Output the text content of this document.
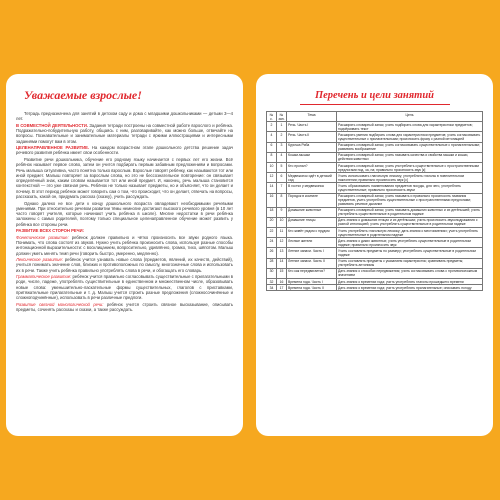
Уважаемые взрослые!

Тетрадь предназначена для занятий в детском саду и дома с младшими дошкольниками — детьми 3—4 лет.

В СОВМЕСТНОЙ ДЕЯТЕЛЬНОСТИ. Задания тетради построены на совместной работе взрослого и ребёнка. Подражательно-побудительную работу, общаясь с ним, разговаривайте, как можно больше, отвечайте на вопросы. Познавательные и занимательные материалы тетради с яркими иллюстрациями и интересными заданиями помогут вам в этом.

ЦЕЛЕНАПРАВЛЕННОЕ РАЗВИТИЕ. На каждом возрастном этапе дошкольного детства решение задач речевого развития ребёнка имеет свои особенности.

Развитие речи дошкольника, обучение его родному языку начинается с первых лет его жизни. Всё ребёнок называет первое слово, затем он учится подбирать первым забавным предложениям и вопросами. Речь малыша ситуативна, часто понятна только взрослым. Взрослые говорят ребёнку, как называются тот или иной предмет. Малыш повторяет за взрослым слова, но это не бессознательное повторение: он связывает определённый знак, каким словом называется тот или иной предмет. И, наконец, речь малыша становится контекстной — это уже связная речь. Ребёнок не только называет предметы, но и объясняет, что он делает и почему. В этот период ребёнок может говорить сам о том, что происходит, что он делает, отвечать на вопросы, рассказать, какой он, придумать рассказ (сказку), учить рассуждать.

Однако далеко не все дети к концу дошкольного возраста овладевают необходимыми речевыми умениями. При относительно речевом развитии тёмы немногие достигают высокого речевого уровня (в 10 лет часто говорят учителя, которые начинают учить ребёнка в школе). Многие недостатки в речи ребёнка заложены с самых родителей, поэтому только специальное целенаправленное обучение может развить у ребёнка все стороны речи.

РАЗВИТИЕ ВСЕХ СТОРОН РЕЧИ:

Фонетическое развитие: ребёнок должен правильно и чётко произносить все звуки родного языка. Понимать, что слова состоят из звуков. Нужно учить ребёнка произносить слова, используя разные способы интонационной выразительности: с восклицанием, вопросительно, удивлённо, громко, тихо, шёпотом. Малыш должен уметь менять темп речи (говорить быстро, умеренно, медленно).

Лексическое развитие: ребёнок учится узнавать новые слова (предметов, явлений, их качеств, действий), учиться понимать значение слов, близких и противоположных по смыслу, многозначные слова и использовать их в речи. Также учить ребёнка правильно употреблять слова в речи, и обогащать его словарь.

Грамматическое развитие: ребёнок учится правильно согласовывать существительные с прилагательными в роде, числе, падеже, употреблять существительные в единственном и множественном числе, образовывать новые слова: уменьшительно-ласкательные формы существительных, глаголов с приставками, притяжательные прилагательные и т. д. Малыш учится строить разные предложения (сложносочинённые и сложноподчинённые), использовать в речи различные предлоги.

Развитие связной монологической речи: ребёнок учится строить связное высказывание, описывать предметы, сочинять рассказы и сказки, а также рассуждать.

Перечень и цели занятий
№ с.	№ зан.	Тема	Цель
2	1	Речь. Часть I	Расширять словарный запас; учить подбирать слова для характеристики предметов; подчёркивать текст
4	2	Речь. Часть II	Расширять умения подбирать слова для характеристики предметов; учить согласовывать существительные с прилагательными; произносить фразу с разной интонацией
6	3	Курочка Ряба	Расширять словарный запас; учить согласовывать существительные с прилагательными; развивать воображение
8	4	Кошки-мышки	Расширять словарный запас; учить называть качества и свойства мышки и кошки, действия животных
10	5	Кто пропал?	Расширять словарный запас; учить употреблять существительные с пространственными предлогами под, за, на; правильно произносить звук [к]
12	6	Медвежонок идёт в детский сад	Учить использовать глагольную лексику; употреблять глаголы в повелительном наклонении; правильно произносить звук [с]
14	7	В гостях у медвежонка	Учить образовывать наименования предметов посуды, для чего, употреблять существительные; правильно произносить звуки
16	8	Порядок в комнате	Расширять словарный запас; учить называть и правильно произносить названия предметов, учить употреблять существительные с пространственными предлогами; развивать речевое дыхание
18	9	Домашние животные	Расширять словарный запас; учить называть домашних животных и их детёнышей; учить употреблять существительные в родительном падеже
20	10	Домашние птицы	Дать знания о домашних птицах и их детёнышах; учить произносить звукоподражания с разной интонацией; учить употреблять существительные в родительном падеже
22	11	Кто живёт рядом с прудом	Учить употреблять глагольную лексику; дать знания о местоимениях; учить употреблять существительные в родительном падеже
24	12	Лесные жители	Дать знания о диких животных; учить употреблять существительные в родительном падеже; правильно произносить звук
26	13	Летние запахи. Часть I	Учить составлять предметы по размеру; употреблять существительные в родительном падеже
28	14	Летние запахи. Часть II	Учить составлять предметы с указанием характеристик; сравнивать предметы; употреблять антонимы
30	15	Кто как передвигается?	Дать знания о способах передвижения; учить согласовывать слова с противоположным значением
32	16	Времена года. Часть I	Дать знания о временах года; учить употреблять глаголы прошедшего времени
34	17	Времена года. Часть II	Дать знания о временах года; учить употреблять прилагательные; описывать погоду
